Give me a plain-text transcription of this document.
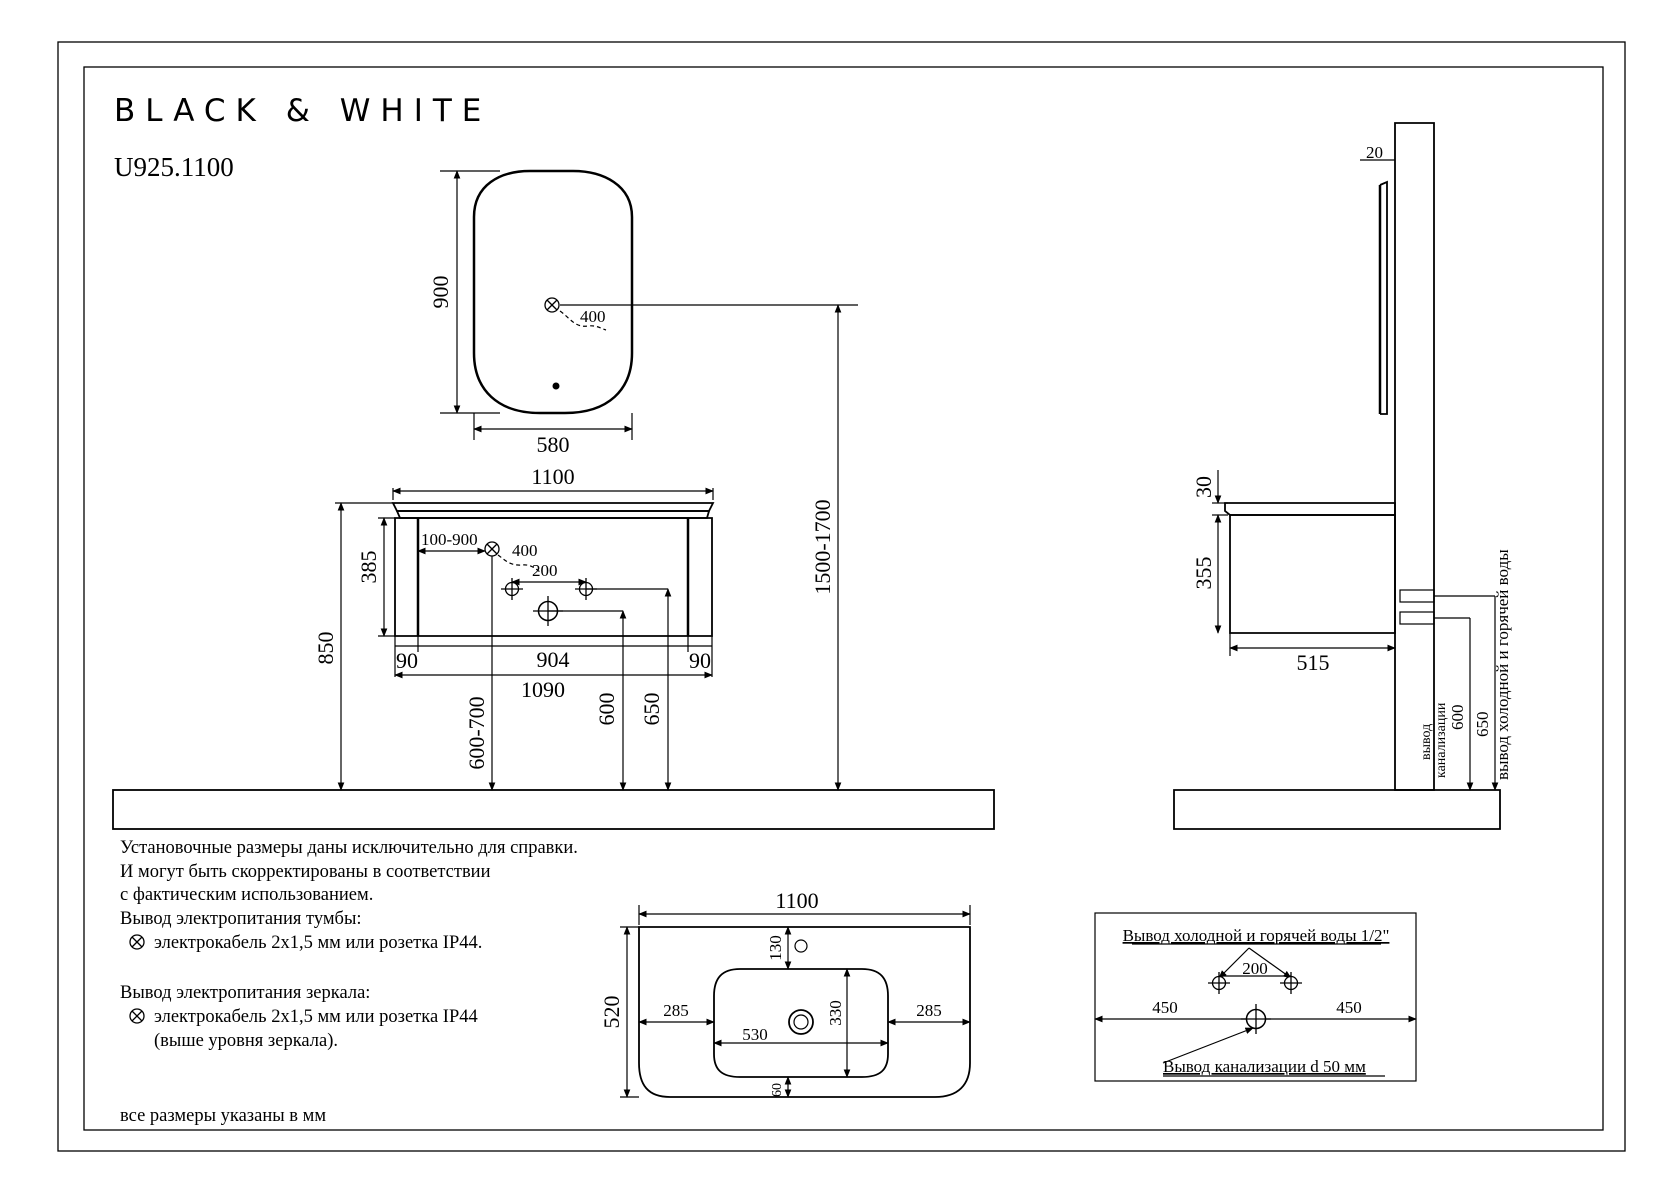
BLACK & WHITE
U925.1100
400
900
580
1500-1700
1100
385
850
100-900
400
200
90	904	90
1090
600-700	600 650
20
30
355
515
вывод канализации 600 650 вывод холодной и горячей воды
1100
520
130
285	285
530
330
60
Вывод холодной и горячей воды 1/2"
200
450	450
Вывод канализации d 50 мм
Установочные размеры даны исключительно для справки.
И могут быть скорректированы в соответствии
с фактическим использованием.
Вывод электропитания тумбы:
электрокабель 2х1,5 мм или розетка IP44.
Вывод электропитания зеркала:
электрокабель 2х1,5 мм или розетка IP44
(выше уровня зеркала).
все размеры указаны в мм
